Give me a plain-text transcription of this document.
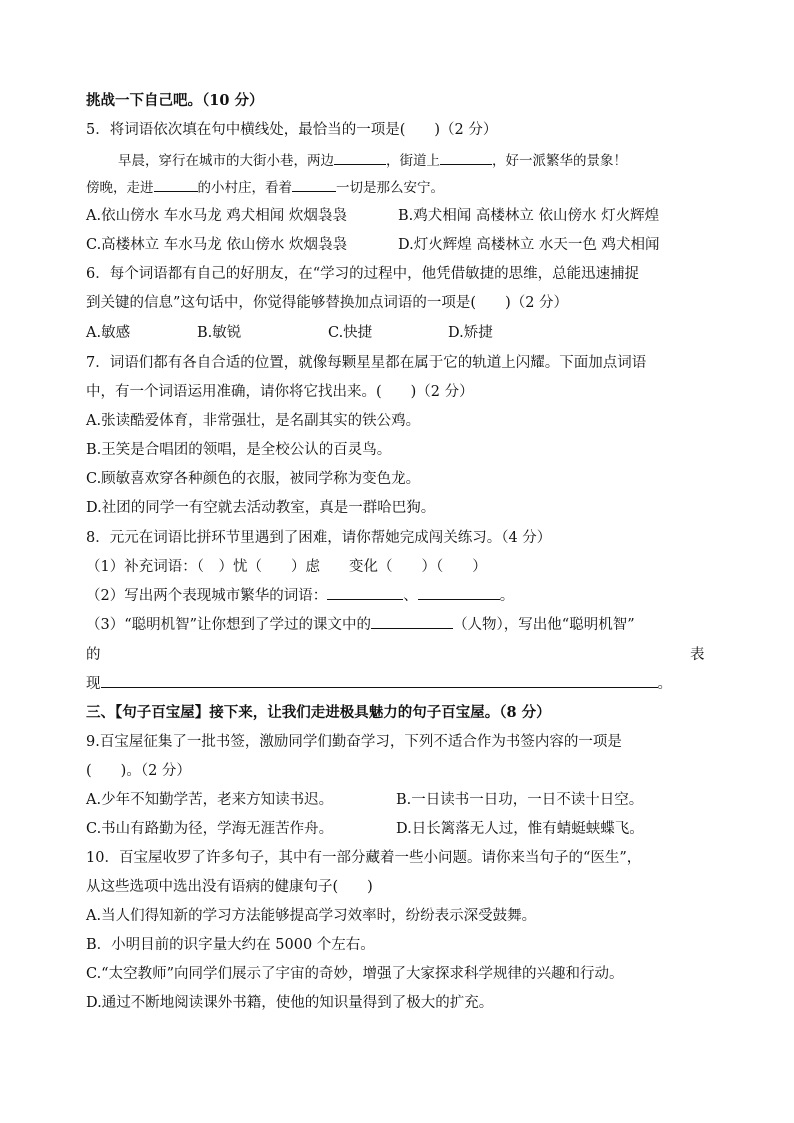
挑战一下自己吧。（10 分）
5．将词语依次填在句中横线处，最恰当的一项是(　　)（2 分）
早晨，穿行在城市的大街小巷，两边	，街道上	，好一派繁华的景象！
傍晚，走进	的小村庄，看着	一切是那么安宁。
A.依山傍水 车水马龙 鸡犬相闻 炊烟袅袅	B.鸡犬相闻 高楼林立 依山傍水 灯火辉煌
C.高楼林立 车水马龙 依山傍水 炊烟袅袅	D.灯火辉煌 高楼林立 水天一色 鸡犬相闻
6．每个词语都有自己的好朋友，在“学习的过程中，他凭借敏捷的思维，总能迅速捕捉
到关键的信息”这句话中，你觉得能够替换加点词语的一项是(　　)（2 分）
A.敏感	B.敏锐	C.快捷	D.矫捷
7．词语们都有各自合适的位置，就像每颗星星都在属于它的轨道上闪耀。下面加点词语
中，有一个词语运用准确，请你将它找出来。(　　)（2 分）
A.张读酷爱体育，非常强壮，是名副其实的铁公鸡。
B.王笑是合唱团的领唱，是全校公认的百灵鸟。
C.顾敏喜欢穿各种颜色的衣服，被同学称为变色龙。
D.社团的同学一有空就去活动教室，真是一群哈巴狗。
8．元元在词语比拼环节里遇到了困难，请你帮她完成闯关练习。（4 分）
（1）补充词语：（　）忧（　　）虑　　变化（　　）（　　）
（2）写出两个表现城市繁华的词语：	、	。
（3）“聪明机智”让你想到了学过的课文中的	（人物），写出他“聪明机智”
的	表
现	。
三、【句子百宝屋】接下来，让我们走进极具魅力的句子百宝屋。（8 分）
9.百宝屋征集了一批书签，激励同学们勤奋学习，下列不适合作为书签内容的一项是
(　　)。（2 分）
A.少年不知勤学苦，老来方知读书迟。	B.一日读书一日功，一日不读十日空。
C.书山有路勤为径，学海无涯苦作舟。	D.日长篱落无人过，惟有蜻蜓蛱蝶飞。
10．百宝屋收罗了许多句子，其中有一部分藏着一些小问题。请你来当句子的“医生”，
从这些选项中选出没有语病的健康句子(　　)
A.当人们得知新的学习方法能够提高学习效率时，纷纷表示深受鼓舞。
B．小明目前的识字量大约在 5000 个左右。
C.“太空教师”向同学们展示了宇宙的奇妙，增强了大家探求科学规律的兴趣和行动。
D.通过不断地阅读课外书籍，使他的知识量得到了极大的扩充。
